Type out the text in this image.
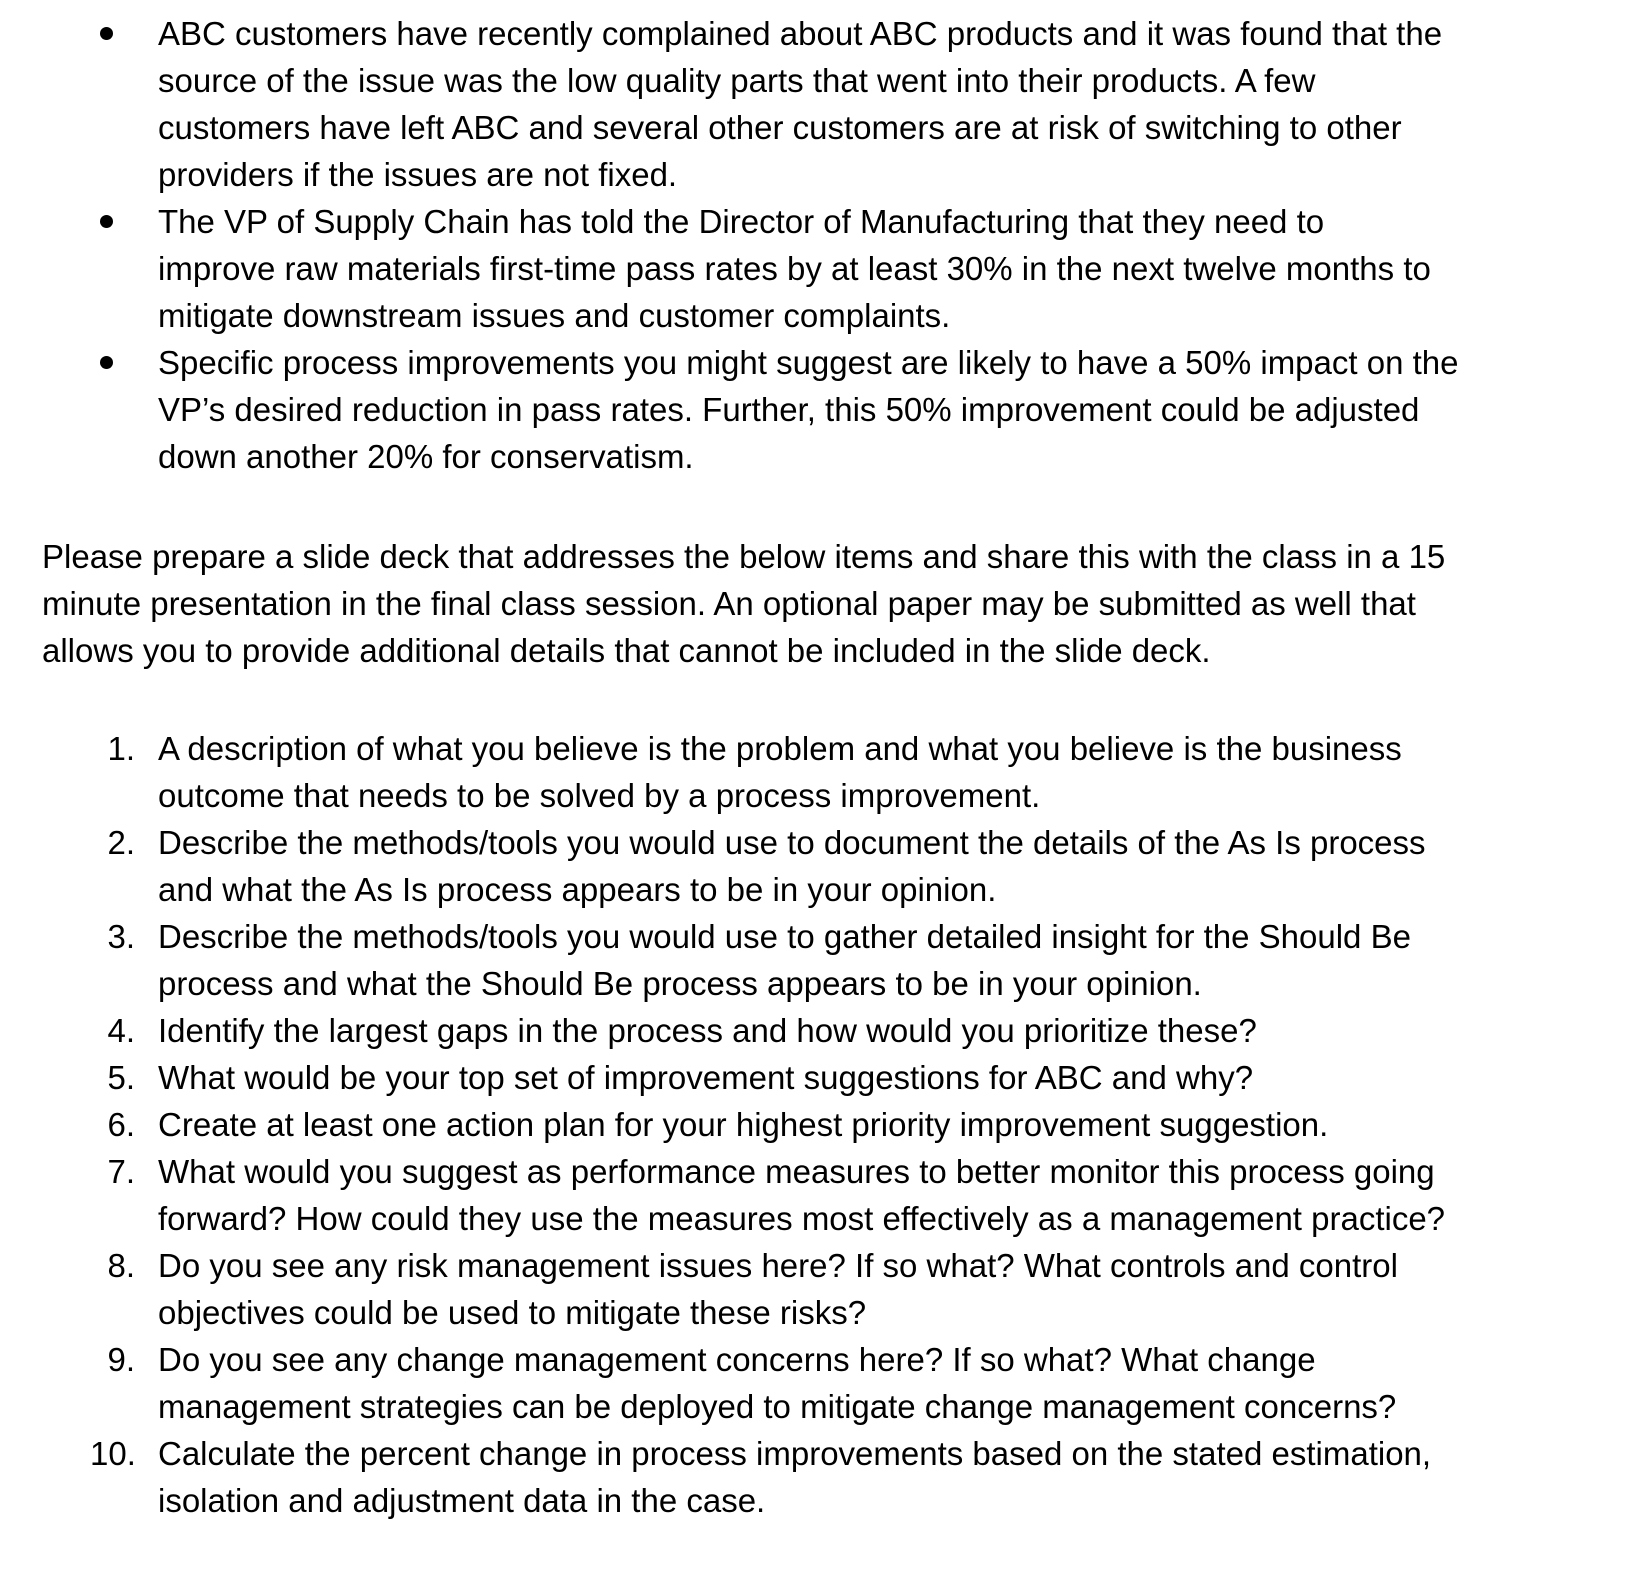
ABC customers have recently complained about ABC products and it was found that the
source of the issue was the low quality parts that went into their products. A few
customers have left ABC and several other customers are at risk of switching to other
providers if the issues are not fixed.
The VP of Supply Chain has told the Director of Manufacturing that they need to
improve raw materials first-time pass rates by at least 30% in the next twelve months to
mitigate downstream issues and customer complaints.
Specific process improvements you might suggest are likely to have a 50% impact on the
VP’s desired reduction in pass rates. Further, this 50% improvement could be adjusted
down another 20% for conservatism.

Please prepare a slide deck that addresses the below items and share this with the class in a 15
minute presentation in the final class session. An optional paper may be submitted as well that
allows you to provide additional details that cannot be included in the slide deck.

1. A description of what you believe is the problem and what you believe is the business
outcome that needs to be solved by a process improvement.
2. Describe the methods/tools you would use to document the details of the As Is process
and what the As Is process appears to be in your opinion.
3. Describe the methods/tools you would use to gather detailed insight for the Should Be
process and what the Should Be process appears to be in your opinion.
4. Identify the largest gaps in the process and how would you prioritize these?
5. What would be your top set of improvement suggestions for ABC and why?
6. Create at least one action plan for your highest priority improvement suggestion.
7. What would you suggest as performance measures to better monitor this process going
forward? How could they use the measures most effectively as a management practice?
8. Do you see any risk management issues here? If so what? What controls and control
objectives could be used to mitigate these risks?
9. Do you see any change management concerns here? If so what? What change
management strategies can be deployed to mitigate change management concerns?
10. Calculate the percent change in process improvements based on the stated estimation,
isolation and adjustment data in the case.
